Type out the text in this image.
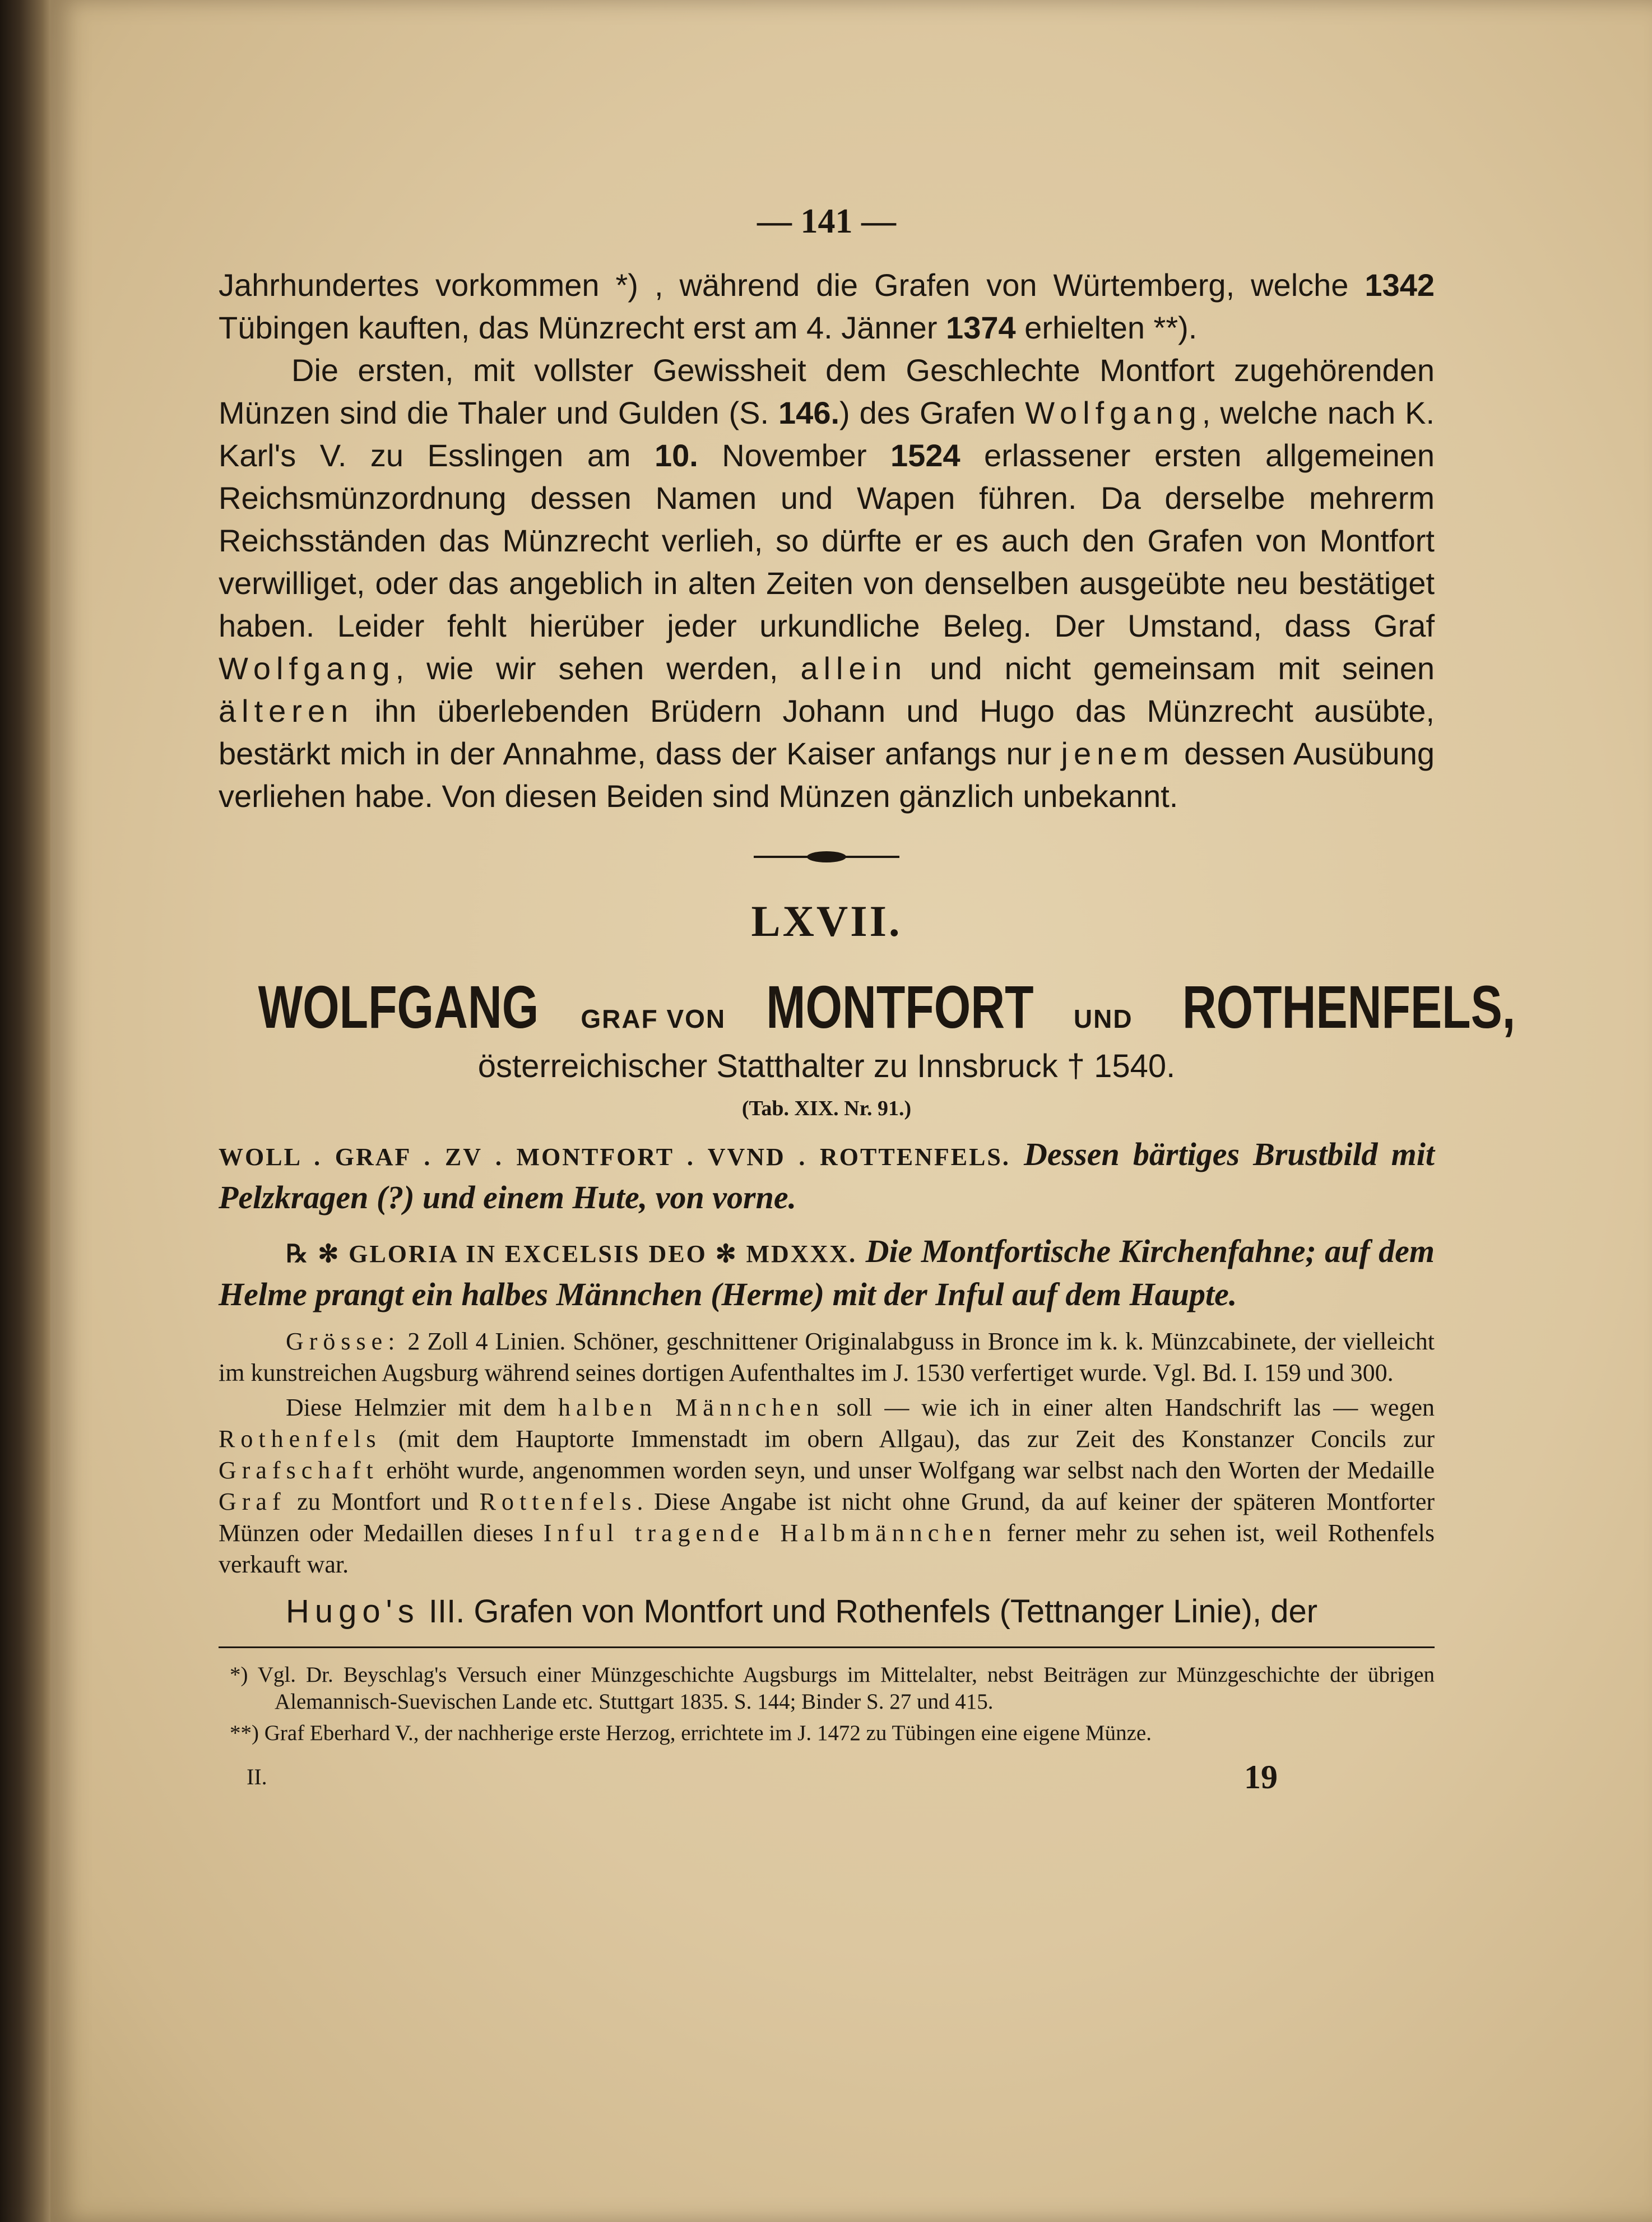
— 141 —

Jahrhundertes vorkommen *) , während die Grafen von Würtemberg, welche 1342 Tübingen kauften, das Münzrecht erst am 4. Jänner 1374 erhielten **).

Die ersten, mit vollster Gewissheit dem Geschlechte Montfort zugehörenden Münzen sind die Thaler und Gulden (S. 146.) des Grafen Wolfgang, welche nach K. Karl's V. zu Esslingen am 10. November 1524 erlassener ersten allgemeinen Reichsmünzordnung dessen Namen und Wapen führen. Da derselbe mehrerm Reichsständen das Münzrecht verlieh, so dürfte er es auch den Grafen von Montfort verwilliget, oder das angeblich in alten Zeiten von denselben ausgeübte neu bestätiget haben. Leider fehlt hierüber jeder urkundliche Beleg. Der Umstand, dass Graf Wolfgang, wie wir sehen werden, allein und nicht gemeinsam mit seinen älteren ihn überlebenden Brüdern Johann und Hugo das Münzrecht ausübte, bestärkt mich in der Annahme, dass der Kaiser anfangs nur jenem dessen Ausübung verliehen habe. Von diesen Beiden sind Münzen gänzlich unbekannt.

LXVII.
WOLFGANG GRAF VON MONTFORT UND ROTHENFELS,
österreichischer Statthalter zu Innsbruck † 1540.
(Tab. XIX. Nr. 91.)

WOLL . GRAF . ZV . MONTFORT . VVND . ROTTENFELS. Dessen bärtiges Brustbild mit Pelzkragen (?) und einem Hute, von vorne.

℞ ✻ GLORIA IN EXCELSIS DEO ✻ MDXXX. Die Montfortische Kirchenfahne; auf dem Helme prangt ein halbes Männchen (Herme) mit der Inful auf dem Haupte.

Grösse: 2 Zoll 4 Linien. Schöner, geschnittener Originalabguss in Bronce im k. k. Münzcabinete, der vielleicht im kunstreichen Augsburg während seines dortigen Aufenthaltes im J. 1530 verfertiget wurde. Vgl. Bd. I. 159 und 300.

Diese Helmzier mit dem halben Männchen soll — wie ich in einer alten Handschrift las — wegen Rothenfels (mit dem Hauptorte Immenstadt im obern Allgau), das zur Zeit des Konstanzer Concils zur Grafschaft erhöht wurde, angenommen worden seyn, und unser Wolfgang war selbst nach den Worten der Medaille Graf zu Montfort und Rottenfels. Diese Angabe ist nicht ohne Grund, da auf keiner der späteren Montforter Münzen oder Medaillen dieses Inful tragende Halbmännchen ferner mehr zu sehen ist, weil Rothenfels verkauft war.

Hugo's III. Grafen von Montfort und Rothenfels (Tettnanger Linie), der

*) Vgl. Dr. Beyschlag's Versuch einer Münzgeschichte Augsburgs im Mittelalter, nebst Beiträgen zur Münzgeschichte der übrigen Alemannisch-Suevischen Lande etc. Stuttgart 1835. S. 144; Binder S. 27 und 415.

**) Graf Eberhard V., der nachherige erste Herzog, errichtete im J. 1472 zu Tübingen eine eigene Münze.

II.	19
